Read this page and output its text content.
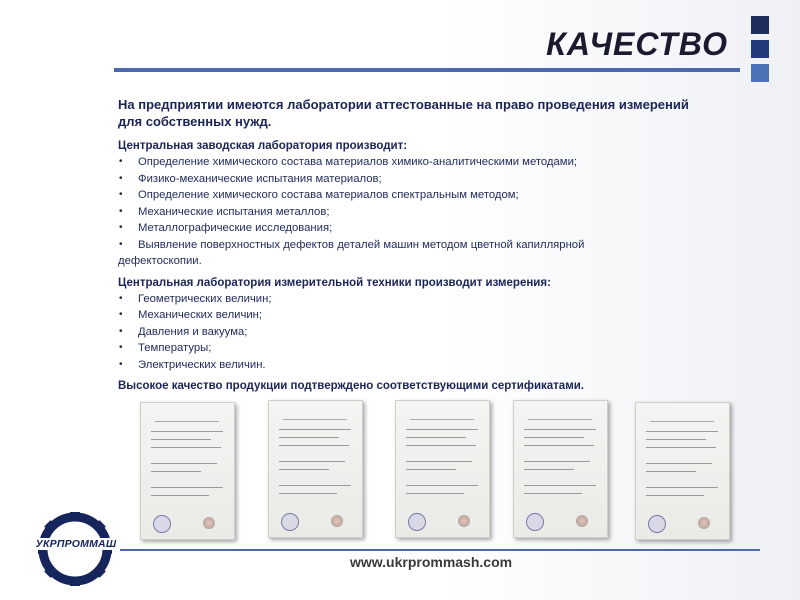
КАЧЕСТВО

На предприятии имеются лаборатории аттестованные на право проведения измерений для собственных нужд.

Центральная заводская лаборатория производит:

• Определение химического состава материалов химико-аналитическими методами;
• Физико-механические испытания материалов;
• Определение химического состава материалов спектральным методом;
• Механические испытания металлов;
• Металлографические исследования;
• Выявление поверхностных дефектов деталей машин методом цветной капиллярной
дефектоскопии.

Центральная лаборатория измерительной техники производит измерения:

• Геометрических величин;
• Механических величин;
• Давления и вакуума;
• Температуры;
• Электрических величин.

Высокое качество продукции подтверждено соответствующими сертификатами.

УКРПРОММАШ
www.ukrprommash.com
